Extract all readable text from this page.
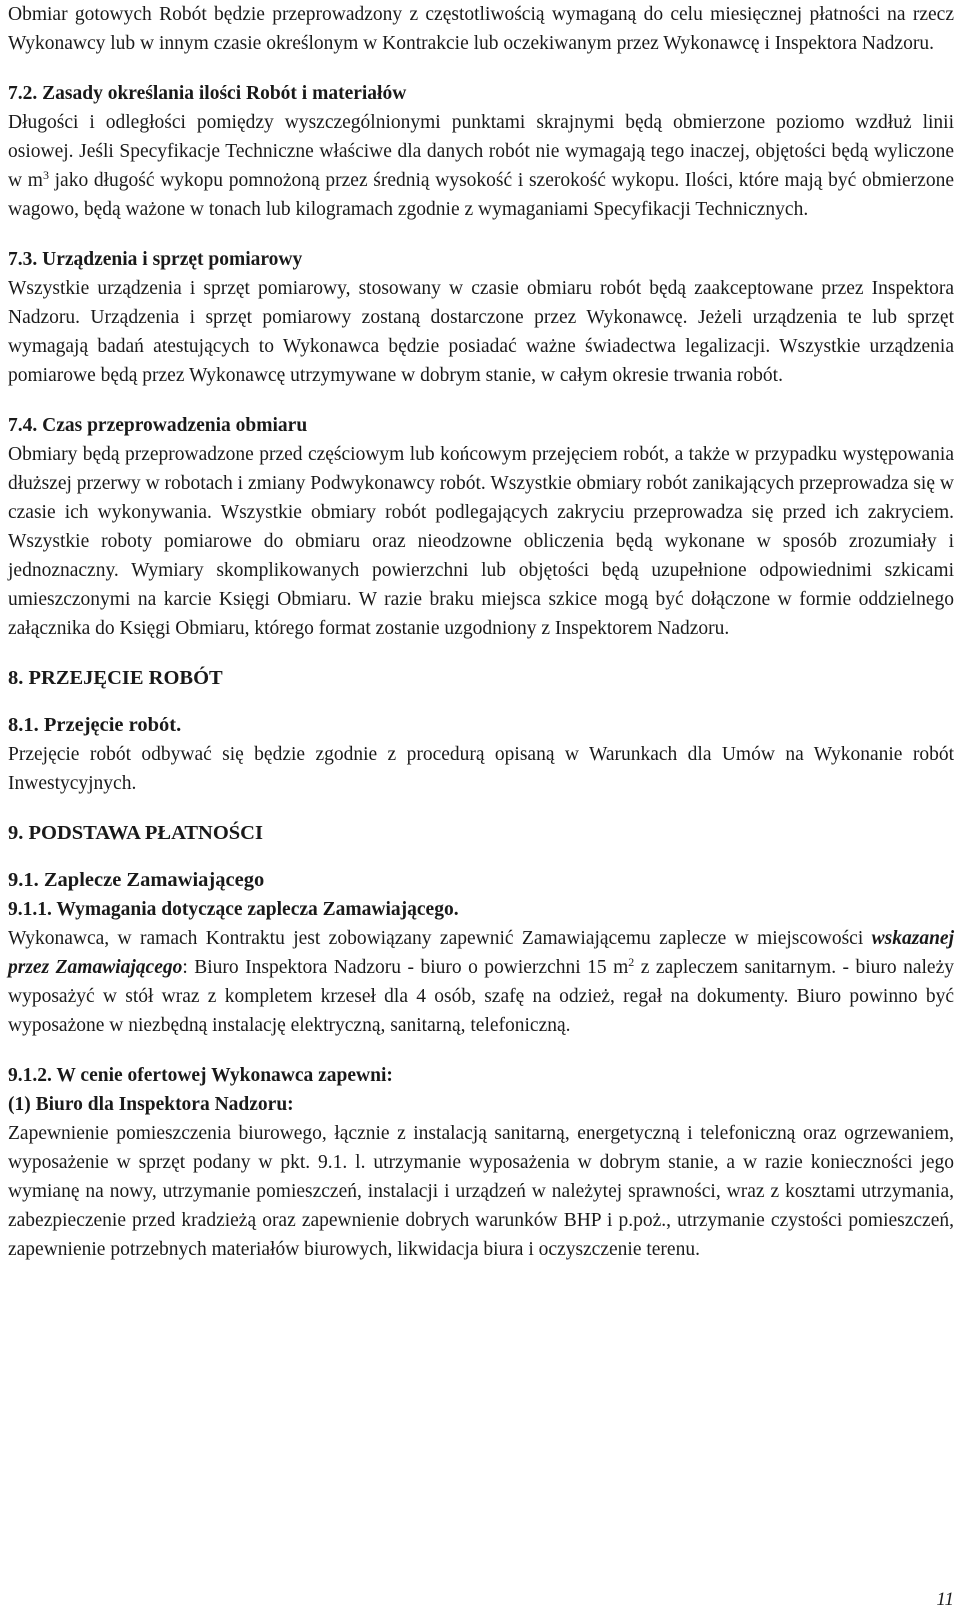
Obmiar gotowych Robót będzie przeprowadzony z częstotliwością wymaganą do celu miesięcznej płatności na rzecz Wykonawcy lub w innym czasie określonym w Kontrakcie lub oczekiwanym przez Wykonawcę i Inspektora Nadzoru.

7.2. Zasady określania ilości Robót i materiałów

Długości i odległości pomiędzy wyszczególnionymi punktami skrajnymi będą obmierzone poziomo wzdłuż linii osiowej. Jeśli Specyfikacje Techniczne właściwe dla danych robót nie wymagają tego inaczej, objętości będą wyliczone w $m^3$ jako długość wykopu pomnożoną przez średnią wysokość i szerokość wykopu. Ilości, które mają być obmierzone wagowo, będą ważone w tonach lub kilogramach zgodnie z wymaganiami Specyfikacji Technicznych.

7.3. Urządzenia i sprzęt pomiarowy

Wszystkie urządzenia i sprzęt pomiarowy, stosowany w czasie obmiaru robót będą zaakceptowane przez Inspektora Nadzoru. Urządzenia i sprzęt pomiarowy zostaną dostarczone przez Wykonawcę. Jeżeli urządzenia te lub sprzęt wymagają badań atestujących to Wykonawca będzie posiadać ważne świadectwa legalizacji. Wszystkie urządzenia pomiarowe będą przez Wykonawcę utrzymywane w dobrym stanie, w całym okresie trwania robót.

7.4. Czas przeprowadzenia obmiaru

Obmiary będą przeprowadzone przed częściowym lub końcowym przejęciem robót, a także w przypadku występowania dłuższej przerwy w robotach i zmiany Podwykonawcy robót. Wszystkie obmiary robót zanikających przeprowadza się w czasie ich wykonywania. Wszystkie obmiary robót podlegających zakryciu przeprowadza się przed ich zakryciem. Wszystkie roboty pomiarowe do obmiaru oraz nieodzowne obliczenia będą wykonane w sposób zrozumiały i jednoznaczny. Wymiary skomplikowanych powierzchni lub objętości będą uzupełnione odpowiednimi szkicami umieszczonymi na karcie Księgi Obmiaru. W razie braku miejsca szkice mogą być dołączone w formie oddzielnego załącznika do Księgi Obmiaru, którego format zostanie uzgodniony z Inspektorem Nadzoru.

8. PRZEJĘCIE ROBÓT

8.1. Przejęcie robót.

Przejęcie robót odbywać się będzie zgodnie z procedurą opisaną w Warunkach dla Umów na Wykonanie robót Inwestycyjnych.

9. PODSTAWA PŁATNOŚCI

9.1. Zaplecze Zamawiającego

9.1.1. Wymagania dotyczące zaplecza Zamawiającego.

Wykonawca, w ramach Kontraktu jest zobowiązany zapewnić Zamawiającemu zaplecze w miejscowości wskazanej przez Zamawiającego: Biuro Inspektora Nadzoru - biuro o powierzchni 15 $m^2$ z zapleczem sanitarnym. - biuro należy wyposażyć w stół wraz z kompletem krzeseł dla 4 osób, szafę na odzież, regał na dokumenty. Biuro powinno być wyposażone w niezbędną instalację elektryczną, sanitarną, telefoniczną.

9.1.2. W cenie ofertowej Wykonawca zapewni:

(1) Biuro dla Inspektora Nadzoru:

Zapewnienie pomieszczenia biurowego, łącznie z instalacją sanitarną, energetyczną i telefoniczną oraz ogrzewaniem, wyposażenie w sprzęt podany w pkt. 9.1. l. utrzymanie wyposażenia w dobrym stanie, a w razie konieczności jego wymianę na nowy, utrzymanie pomieszczeń, instalacji i urządzeń w należytej sprawności, wraz z kosztami utrzymania, zabezpieczenie przed kradzieżą oraz zapewnienie dobrych warunków BHP i p.poż., utrzymanie czystości pomieszczeń, zapewnienie potrzebnych materiałów biurowych, likwidacja biura i oczyszczenie terenu.

11
